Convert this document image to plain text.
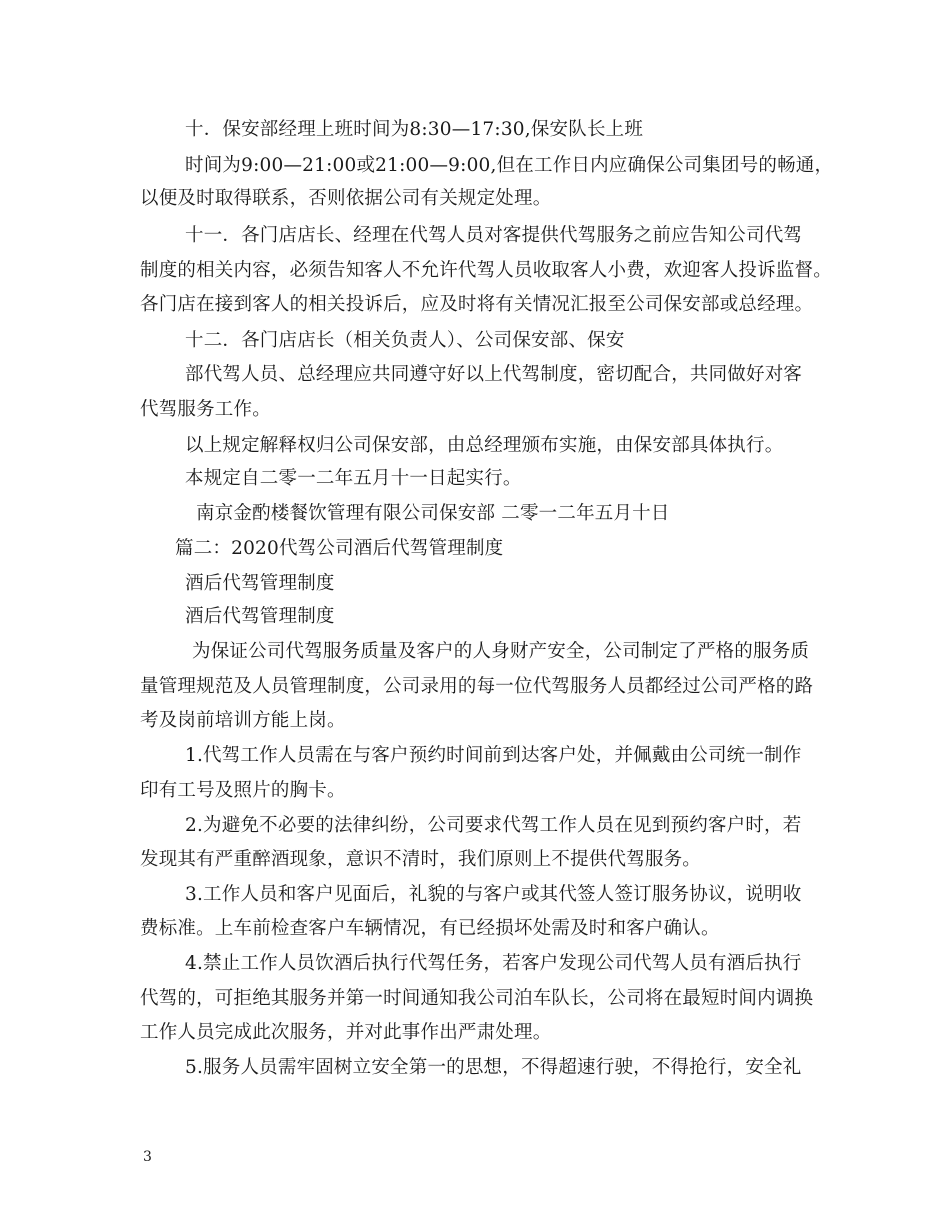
十．保安部经理上班时间为8:30—17:30,保安队长上班
时间为9:00—21:00或21:00—9:00,但在工作日内应确保公司集团号的畅通，
以便及时取得联系，否则依据公司有关规定处理。
十一．各门店店长、经理在代驾人员对客提供代驾服务之前应告知公司代驾
制度的相关内容，必须告知客人不允许代驾人员收取客人小费，欢迎客人投诉监督。
各门店在接到客人的相关投诉后，应及时将有关情况汇报至公司保安部或总经理。
十二．各门店店长（相关负责人）、公司保安部、保安
部代驾人员、总经理应共同遵守好以上代驾制度，密切配合，共同做好对客
代驾服务工作。
以上规定解释权归公司保安部，由总经理颁布实施，由保安部具体执行。
本规定自二零一二年五月十一日起实行。
南京金酌楼餐饮管理有限公司保安部 二零一二年五月十日
篇二：2020代驾公司酒后代驾管理制度
酒后代驾管理制度
酒后代驾管理制度
为保证公司代驾服务质量及客户的人身财产安全，公司制定了严格的服务质
量管理规范及人员管理制度，公司录用的每一位代驾服务人员都经过公司严格的路
考及岗前培训方能上岗。
1.代驾工作人员需在与客户预约时间前到达客户处，并佩戴由公司统一制作
印有工号及照片的胸卡。
2.为避免不必要的法律纠纷，公司要求代驾工作人员在见到预约客户时，若
发现其有严重醉酒现象，意识不清时，我们原则上不提供代驾服务。
3.工作人员和客户见面后，礼貌的与客户或其代签人签订服务协议，说明收
费标准。上车前检查客户车辆情况，有已经损坏处需及时和客户确认。
4.禁止工作人员饮酒后执行代驾任务，若客户发现公司代驾人员有酒后执行
代驾的，可拒绝其服务并第一时间通知我公司泊车队长，公司将在最短时间内调换
工作人员完成此次服务，并对此事作出严肃处理。
5.服务人员需牢固树立安全第一的思想，不得超速行驶，不得抢行，安全礼
3
